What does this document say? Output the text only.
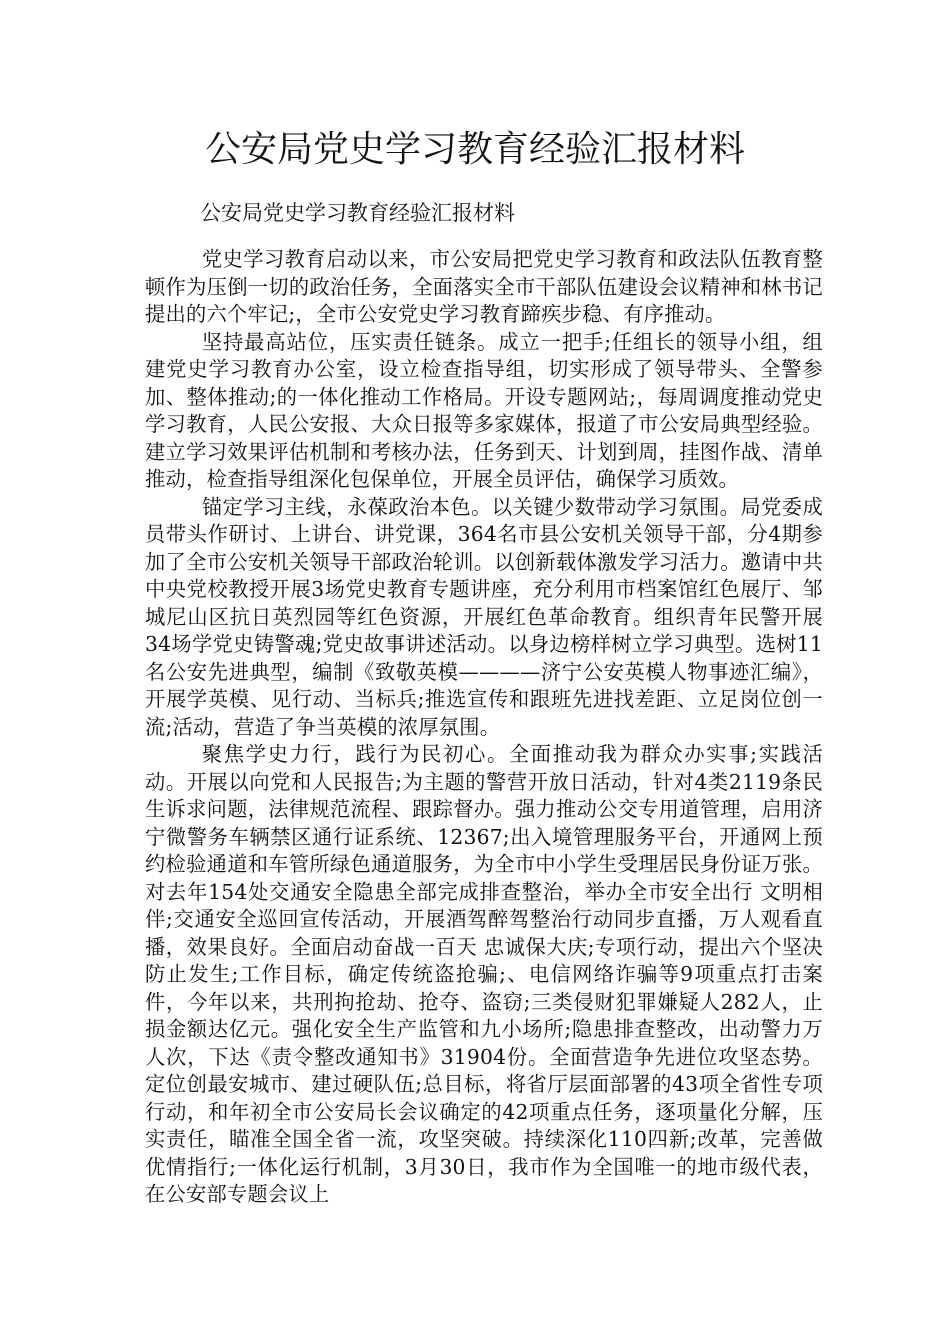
公安局党史学习教育经验汇报材料

公安局党史学习教育经验汇报材料

党史学习教育启动以来，市公安局把党史学习教育和政法队伍教育整顿作为压倒一切的政治任务，全面落实全市干部队伍建设会议精神和林书记提出的六个牢记;，全市公安党史学习教育蹄疾步稳、有序推动。

坚持最高站位，压实责任链条。成立一把手;任组长的领导小组，组建党史学习教育办公室，设立检查指导组，切实形成了领导带头、全警参加、整体推动;的一体化推动工作格局。开设专题网站;，每周调度推动党史学习教育，人民公安报、大众日报等多家媒体，报道了市公安局典型经验。建立学习效果评估机制和考核办法，任务到天、计划到周，挂图作战、清单推动，检查指导组深化包保单位，开展全员评估，确保学习质效。

锚定学习主线，永葆政治本色。以关键少数带动学习氛围。局党委成员带头作研讨、上讲台、讲党课，364名市县公安机关领导干部，分4期参加了全市公安机关领导干部政治轮训。以创新载体激发学习活力。邀请中共中央党校教授开展3场党史教育专题讲座，充分利用市档案馆红色展厅、邹城尼山区抗日英烈园等红色资源，开展红色革命教育。组织青年民警开展34场学党史铸警魂;党史故事讲述活动。以身边榜样树立学习典型。选树11名公安先进典型，编制《致敬英模————济宁公安英模人物事迹汇编》，开展学英模、见行动、当标兵;推选宣传和跟班先进找差距、立足岗位创一流;活动，营造了争当英模的浓厚氛围。

聚焦学史力行，践行为民初心。全面推动我为群众办实事;实践活动。开展以向党和人民报告;为主题的警营开放日活动，针对4类2119条民生诉求问题，法律规范流程、跟踪督办。强力推动公交专用道管理，启用济宁微警务车辆禁区通行证系统、12367;出入境管理服务平台，开通网上预约检验通道和车管所绿色通道服务，为全市中小学生受理居民身份证万张。对去年154处交通安全隐患全部完成排查整治，举办全市安全出行 文明相伴;交通安全巡回宣传活动，开展酒驾醉驾整治行动同步直播，万人观看直播，效果良好。全面启动奋战一百天 忠诚保大庆;专项行动，提出六个坚决防止发生;工作目标，确定传统盗抢骗;、电信网络诈骗等9项重点打击案件，今年以来，共刑拘抢劫、抢夺、盗窃;三类侵财犯罪嫌疑人282人，止损金额达亿元。强化安全生产监管和九小场所;隐患排查整改，出动警力万人次，下达《责令整改通知书》31904份。全面营造争先进位攻坚态势。定位创最安城市、建过硬队伍;总目标，将省厅层面部署的43项全省性专项行动，和年初全市公安局长会议确定的42项重点任务，逐项量化分解，压实责任，瞄准全国全省一流，攻坚突破。持续深化110四新;改革，完善做优情指行;一体化运行机制，3月30日，我市作为全国唯一的地市级代表，在公安部专题会议上
